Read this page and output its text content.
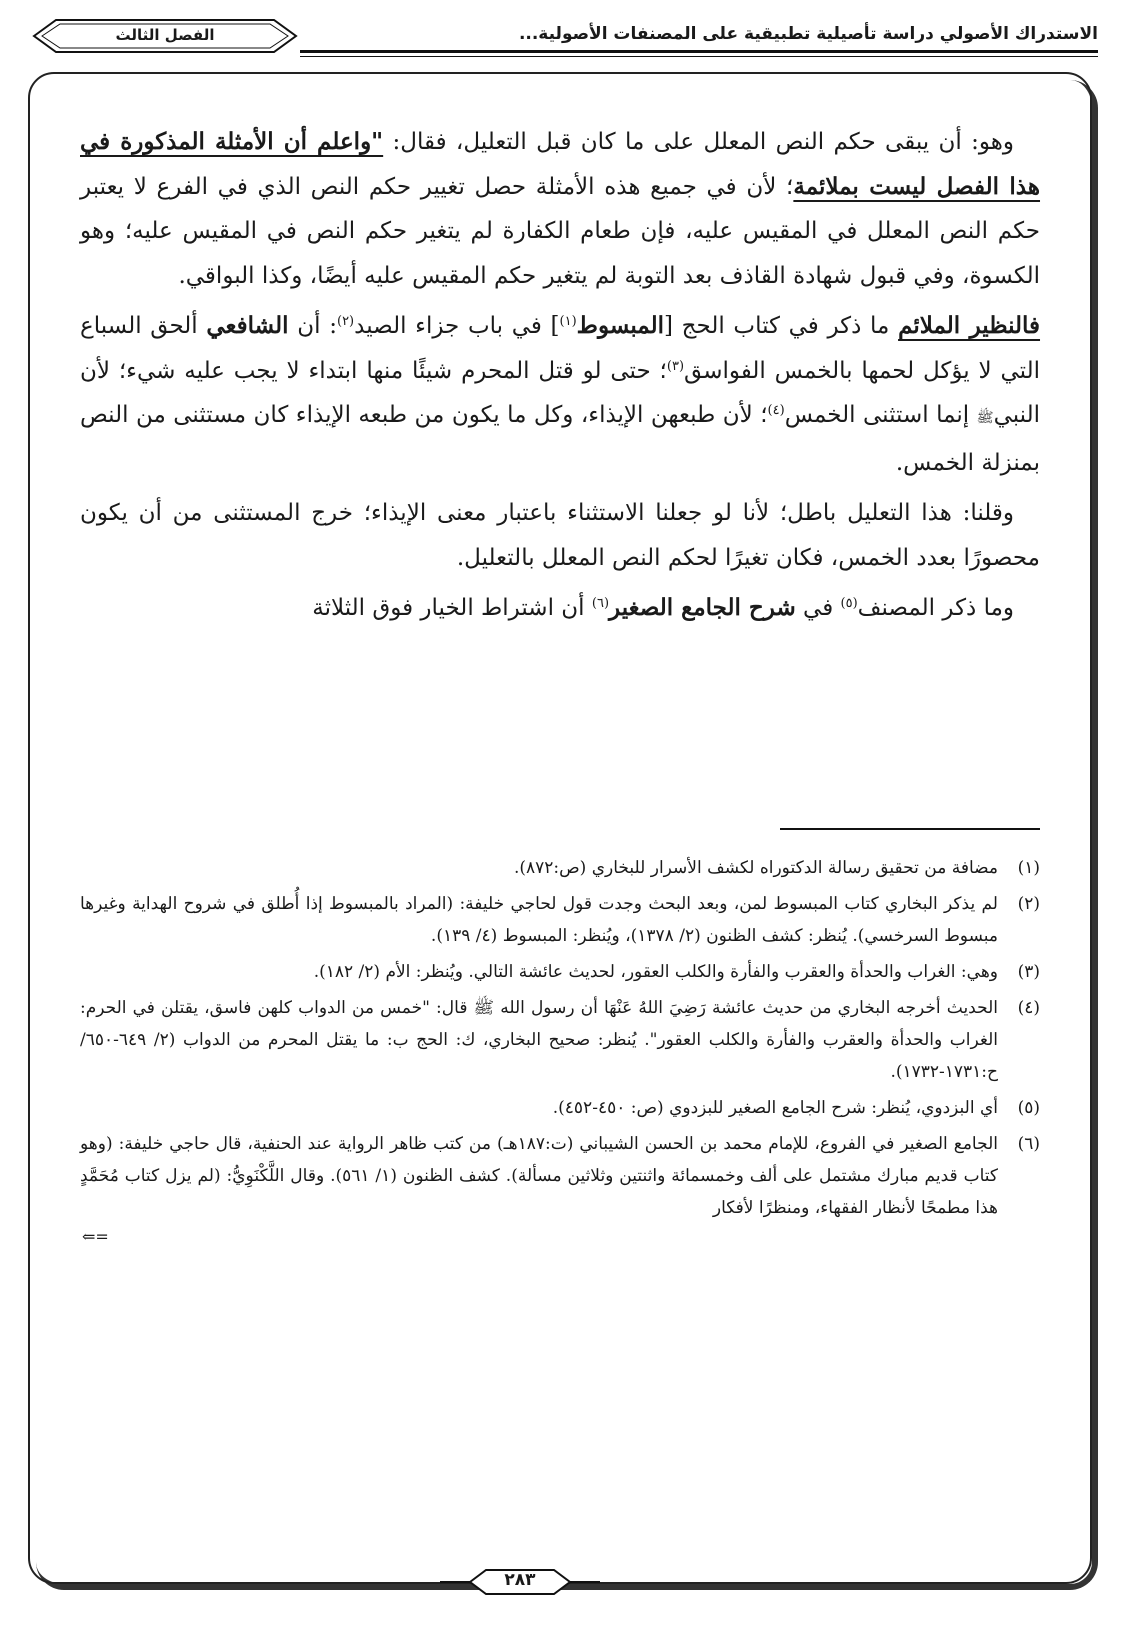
الاستدراك الأصولي دراسة تأصيلية تطبيقية على المصنفات الأصولية...
الفصل الثالث

وهو: أن يبقى حكم النص المعلل على ما كان قبل التعليل، فقال: "واعلم أن الأمثلة المذكورة في هذا الفصل ليست بملائمة؛ لأن في جميع هذه الأمثلة حصل تغيير حكم النص الذي في الفرع لا يعتبر حكم النص المعلل في المقيس عليه، فإن طعام الكفارة لم يتغير حكم النص في المقيس عليه؛ وهو الكسوة، وفي قبول شهادة القاذف بعد التوبة لم يتغير حكم المقيس عليه أيضًا، وكذا البواقي.

فالنظير الملائم ما ذكر في كتاب الحج [المبسوط$^{(١)}$] في باب جزاء الصيد$^{(٢)}$: أن الشافعي ألحق السباع التي لا يؤكل لحمها بالخمس الفواسق$^{(٣)}$؛ حتى لو قتل المحرم شيئًا منها ابتداء لا يجب عليه شيء؛ لأن النبيﷺ إنما استثنى الخمس$^{(٤)}$؛ لأن طبعهن الإيذاء، وكل ما يكون من طبعه الإيذاء كان مستثنى من النص بمنزلة الخمس.

وقلنا: هذا التعليل باطل؛ لأنا لو جعلنا الاستثناء باعتبار معنى الإيذاء؛ خرج المستثنى من أن يكون محصورًا بعدد الخمس، فكان تغيرًا لحكم النص المعلل بالتعليل.

وما ذكر المصنف$^{(٥)}$ في شرح الجامع الصغير$^{(٦)}$ أن اشتراط الخيار فوق الثلاثة

(١)
مضافة من تحقيق رسالة الدكتوراه لكشف الأسرار للبخاري (ص:٨٧٢).
(٢)
لم يذكر البخاري كتاب المبسوط لمن، وبعد البحث وجدت قول لحاجي خليفة: (المراد بالمبسوط إذا أُطلق في شروح الهداية وغيرها مبسوط السرخسي). يُنظر: كشف الظنون (٢/ ١٣٧٨)، ويُنظر: المبسوط (٤/ ١٣٩).
(٣)
وهي: الغراب والحدأة والعقرب والفأرة والكلب العقور، لحديث عائشة التالي. ويُنظر: الأم (٢/ ١٨٢).
(٤)
الحديث أخرجه البخاري من حديث عائشة رَضِيَ اللهُ عَنْهَا أن رسول الله ﷺ قال: "خمس من الدواب كلهن فاسق، يقتلن في الحرم: الغراب والحدأة والعقرب والفأرة والكلب العقور". يُنظر: صحيح البخاري، ك: الحج ب: ما يقتل المحرم من الدواب (٢/ ٦٤٩-٦٥٠/ ح:١٧٣١-١٧٣٢).
(٥)
أي البزدوي، يُنظر: شرح الجامع الصغير للبزدوي (ص: ٤٥٠-٤٥٢).
(٦)
الجامع الصغير في الفروع، للإمام محمد بن الحسن الشيباني (ت:١٨٧هـ) من كتب ظاهر الرواية عند الحنفية، قال حاجي خليفة: (وهو كتاب قديم مبارك مشتمل على ألف وخمسمائة واثنتين وثلاثين مسألة). كشف الظنون (١/ ٥٦١). وقال اللَّكْنَوِيُّ: (لم يزل كتاب مُحَمَّدٍ هذا مطمحًا لأنظار الفقهاء، ومنظرًا لأفكار
⇐=
٢٨٣
